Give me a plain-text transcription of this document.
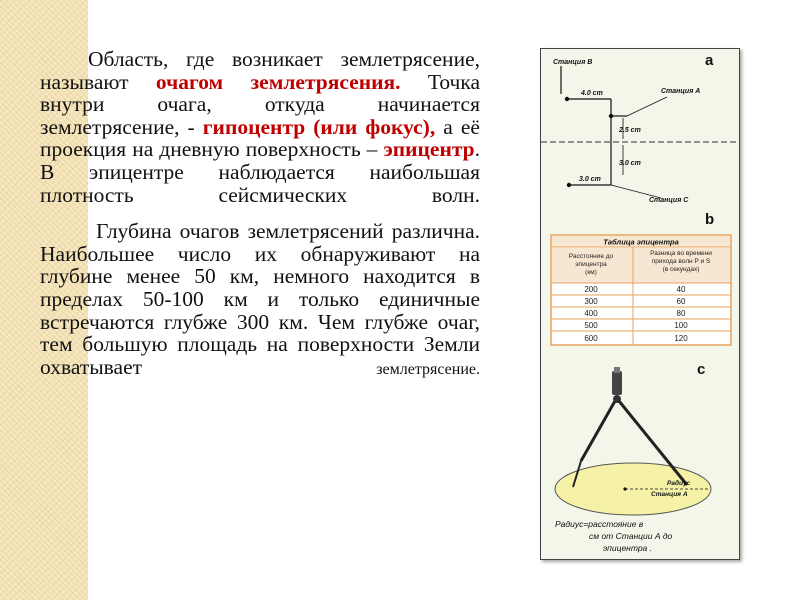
Область, где возникает землетрясение, называют очагом землетрясения. Точка внутри очага, откуда начинается землетрясение, - гипоцентр (или фокус), а её проекция на дневную поверхность – эпицентр. В эпицентре наблюдается наибольшая плотность сейсмических волн.

Глубина очагов землетрясений различна. Наибольшее число их обнаруживают на глубине менее 50 км, немного находится в пределах 50-100 км и только единичные встречаются глубже 300 км. Чем глубже очаг, тем большую площадь на поверхности Земли охватывает землетрясение.

a
Станция В
4.0 cm	Станция А
2.5 cm
3.0 cm
3.0 cm
Станция С
b
Таблица эпицентра
Расстояние до
эпицентра
(км)
Разница во времени
прихода волн P и S
(в секундах)
200	40
300	60
400	80
500	100
600	120
c
Радиус
Станция А
Радиус=расстояние в
см от Станции А до
эпицентра .
